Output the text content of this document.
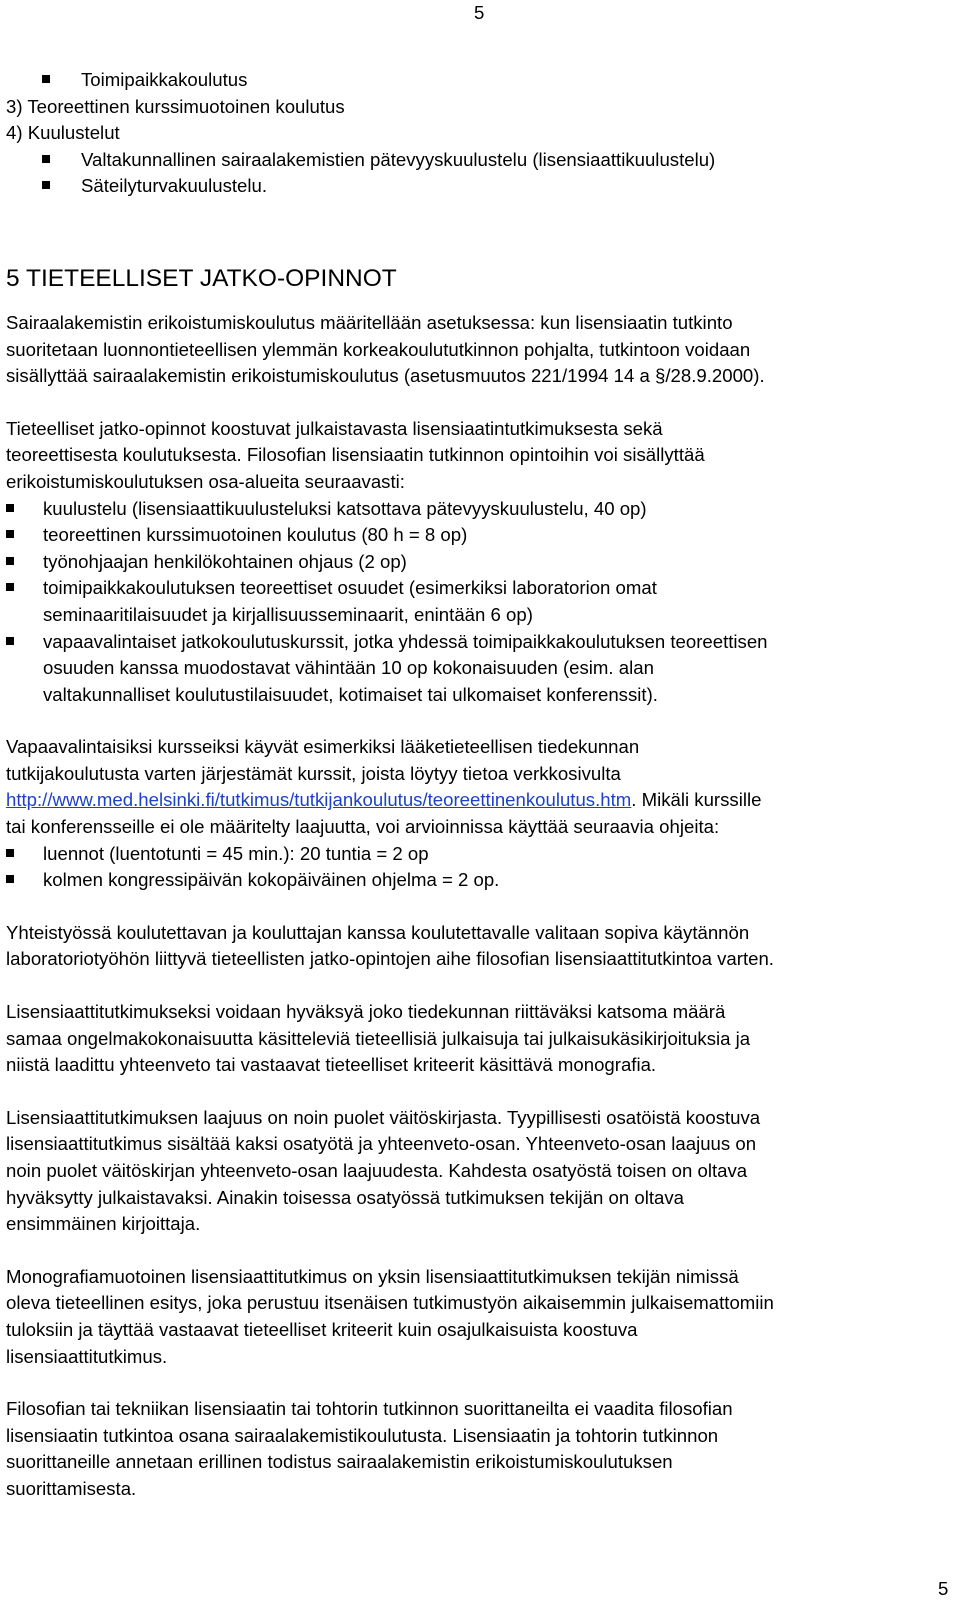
5
Toimipaikkakoulutus
3) Teoreettinen kurssimuotoinen koulutus
4) Kuulustelut
Valtakunnallinen sairaalakemistien pätevyyskuulustelu (lisensiaattikuulustelu)
Säteilyturvakuulustelu.
5 TIETEELLISET JATKO-OPINNOT
Sairaalakemistin erikoistumiskoulutus määritellään asetuksessa: kun lisensiaatin tutkinto
suoritetaan luonnontieteellisen ylemmän korkeakoulututkinnon pohjalta, tutkintoon voidaan
sisällyttää sairaalakemistin erikoistumiskoulutus (asetusmuutos 221/1994 14 a §/28.9.2000).
Tieteelliset jatko-opinnot koostuvat julkaistavasta lisensiaatintutkimuksesta sekä
teoreettisesta koulutuksesta. Filosofian lisensiaatin tutkinnon opintoihin voi sisällyttää
erikoistumiskoulutuksen osa-alueita seuraavasti:
kuulustelu (lisensiaattikuulusteluksi katsottava pätevyyskuulustelu, 40 op)
teoreettinen kurssimuotoinen koulutus (80 h = 8 op)
työnohjaajan henkilökohtainen ohjaus (2 op)
toimipaikkakoulutuksen teoreettiset osuudet (esimerkiksi laboratorion omat
seminaaritilaisuudet ja kirjallisuusseminaarit, enintään 6 op)
vapaavalintaiset jatkokoulutuskurssit, jotka yhdessä toimipaikkakoulutuksen teoreettisen
osuuden kanssa muodostavat vähintään 10 op kokonaisuuden (esim. alan
valtakunnalliset koulutustilaisuudet, kotimaiset tai ulkomaiset konferenssit).
Vapaavalintaisiksi kursseiksi käyvät esimerkiksi lääketieteellisen tiedekunnan
tutkijakoulutusta varten järjestämät kurssit, joista löytyy tietoa verkkosivulta
http://www.med.helsinki.fi/tutkimus/tutkijankoulutus/teoreettinenkoulutus.htm. Mikäli kurssille
tai konferensseille ei ole määritelty laajuutta, voi arvioinnissa käyttää seuraavia ohjeita:
luennot (luentotunti = 45 min.): 20 tuntia = 2 op
kolmen kongressipäivän kokopäiväinen ohjelma = 2 op.
Yhteistyössä koulutettavan ja kouluttajan kanssa koulutettavalle valitaan sopiva käytännön
laboratoriotyöhön liittyvä tieteellisten jatko-opintojen aihe filosofian lisensiaattitutkintoa varten.
Lisensiaattitutkimukseksi voidaan hyväksyä joko tiedekunnan riittäväksi katsoma määrä
samaa ongelmakokonaisuutta käsitteleviä tieteellisiä julkaisuja tai julkaisukäsikirjoituksia ja
niistä laadittu yhteenveto tai vastaavat tieteelliset kriteerit käsittävä monografia.
Lisensiaattitutkimuksen laajuus on noin puolet väitöskirjasta. Tyypillisesti osatöistä koostuva
lisensiaattitutkimus sisältää kaksi osatyötä ja yhteenveto-osan. Yhteenveto-osan laajuus on
noin puolet väitöskirjan yhteenveto-osan laajuudesta. Kahdesta osatyöstä toisen on oltava
hyväksytty julkaistavaksi. Ainakin toisessa osatyössä tutkimuksen tekijän on oltava
ensimmäinen kirjoittaja.
Monografiamuotoinen lisensiaattitutkimus on yksin lisensiaattitutkimuksen tekijän nimissä
oleva tieteellinen esitys, joka perustuu itsenäisen tutkimustyön aikaisemmin julkaisemattomiin
tuloksiin ja täyttää vastaavat tieteelliset kriteerit kuin osajulkaisuista koostuva
lisensiaattitutkimus.
Filosofian tai tekniikan lisensiaatin tai tohtorin tutkinnon suorittaneilta ei vaadita filosofian
lisensiaatin tutkintoa osana sairaalakemistikoulutusta. Lisensiaatin ja tohtorin tutkinnon
suorittaneille annetaan erillinen todistus sairaalakemistin erikoistumiskoulutuksen
suorittamisesta.
5
